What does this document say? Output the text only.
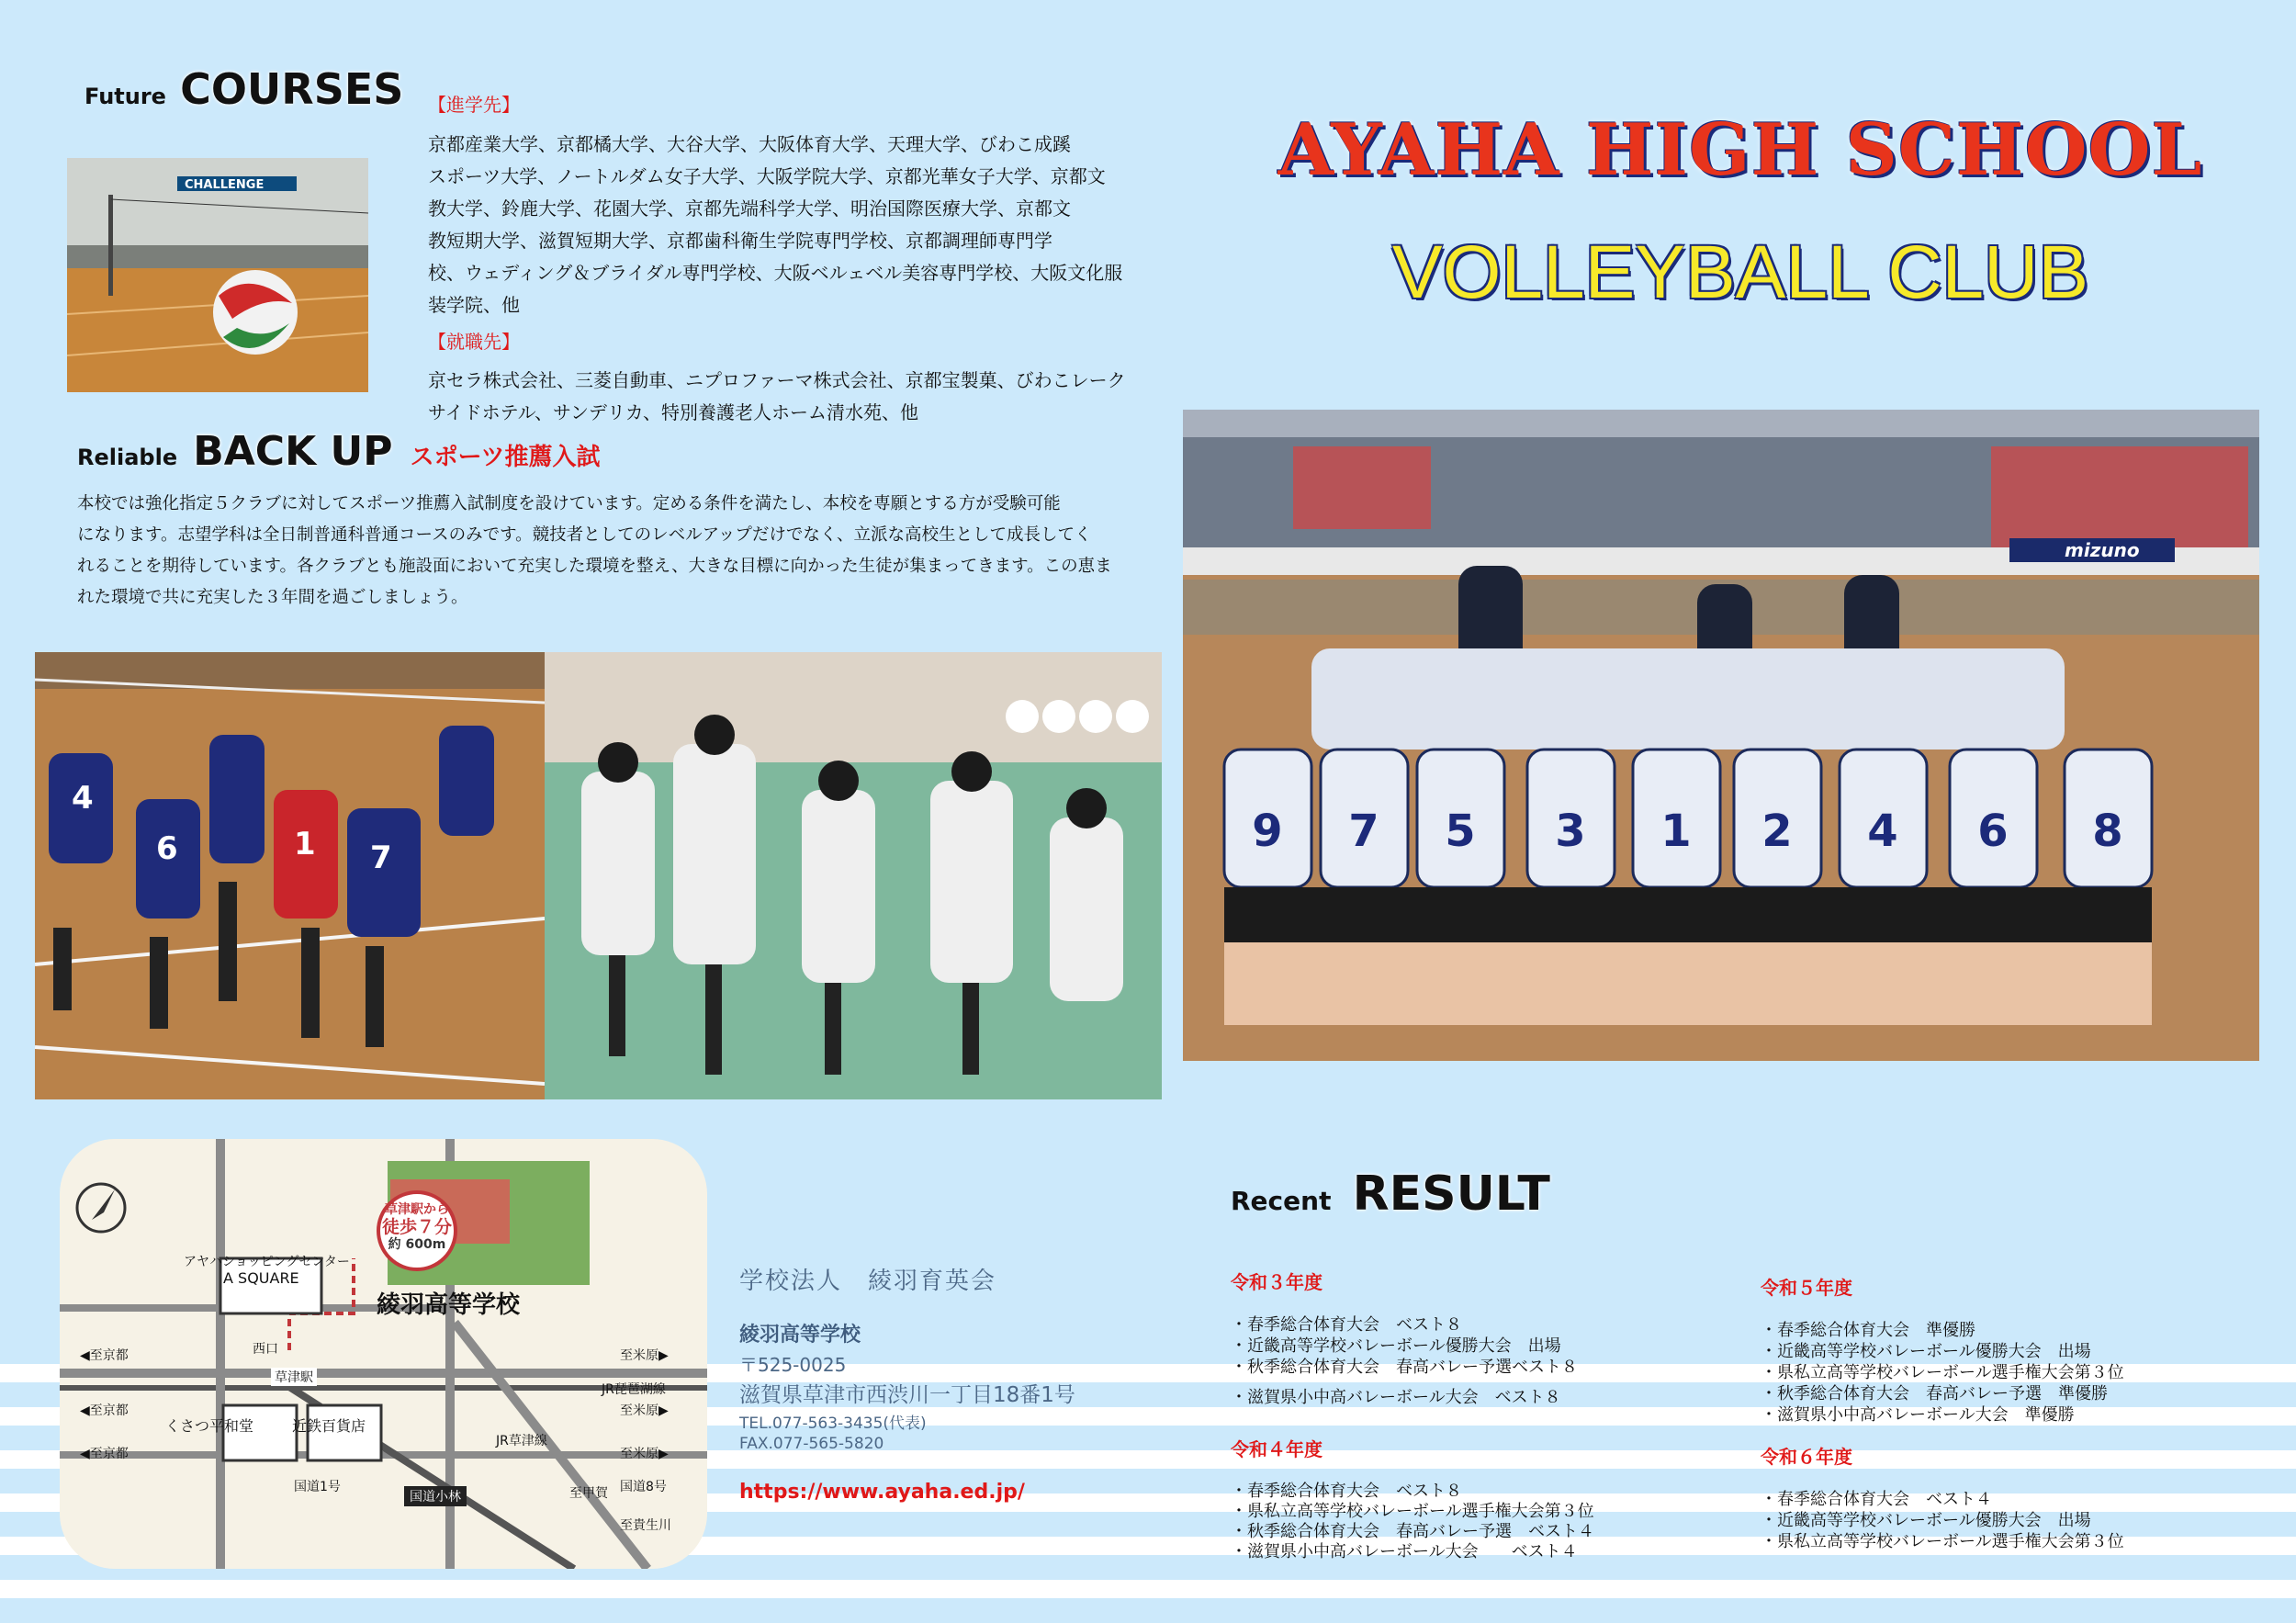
Future COURSES
CHALLENGE
【進学先】
京都産業大学、京都橘大学、大谷大学、大阪体育大学、天理大学、びわこ成蹊
スポーツ大学、ノートルダム女子大学、大阪学院大学、京都光華女子大学、京都文
教大学、鈴鹿大学、花園大学、京都先端科学大学、明治国際医療大学、京都文
教短期大学、滋賀短期大学、京都歯科衛生学院専門学校、京都調理師専門学
校、ウェディング＆ブライダル専門学校、大阪ベルェベル美容専門学校、大阪文化服
装学院、他
【就職先】
京セラ株式会社、三菱自動車、ニプロファーマ株式会社、京都宝製菓、びわこレーク
サイドホテル、サンデリカ、特別養護老人ホーム清水苑、他
Reliable BACK UP スポーツ推薦入試
本校では強化指定５クラブに対してスポーツ推薦入試制度を設けています。定める条件を満たし、本校を専願とする方が受験可能
になります。志望学科は全日制普通科普通コースのみです。競技者としてのレベルアップだけでなく、立派な高校生として成長してく
れることを期待しています。各クラブとも施設面において充実した環境を整え、大きな目標に向かった生徒が集まってきます。この恵ま
れた環境で共に充実した３年間を過ごしましょう。
4
6	1 7
AYAHA HIGH SCHOOL
VOLLEYBALL CLUB
mizuno
9 7 5 3 1 2 4 6 8
綾羽高等学校
草津駅から
徒歩７分
約 600m
アヤハショッピングセンター
A SQUARE
西口
草津駅
◀至京都
◀至京都
◀至京都
至米原▶
至米原▶
至米原▶
JR琵琶湖線
JR草津線
くさつ平和堂	近鉄百貨店
国道1号	国道8号
国道小林	至甲賀
至貴生川
学校法人　綾羽育英会
綾羽高等学校
〒525-0025
滋賀県草津市西渋川一丁目18番1号
TEL.077-563-3435(代表)
FAX.077-565-5820
https://www.ayaha.ed.jp/
Recent RESULT
令和３年度
・春季総合体育大会　ベスト８
・近畿高等学校バレーボール優勝大会　出場
・秋季総合体育大会　春高バレー予選ベスト８
・滋賀県小中高バレーボール大会　ベスト８
令和４年度
・春季総合体育大会　ベスト８
・県私立高等学校バレーボール選手権大会第３位
・秋季総合体育大会　春高バレー予選　ベスト４
・滋賀県小中高バレーボール大会　　ベスト４
令和５年度
・春季総合体育大会　準優勝
・近畿高等学校バレーボール優勝大会　出場
・県私立高等学校バレーボール選手権大会第３位
・秋季総合体育大会　春高バレー予選　準優勝
・滋賀県小中高バレーボール大会　準優勝
令和６年度
・春季総合体育大会　ベスト４
・近畿高等学校バレーボール優勝大会　出場
・県私立高等学校バレーボール選手権大会第３位
